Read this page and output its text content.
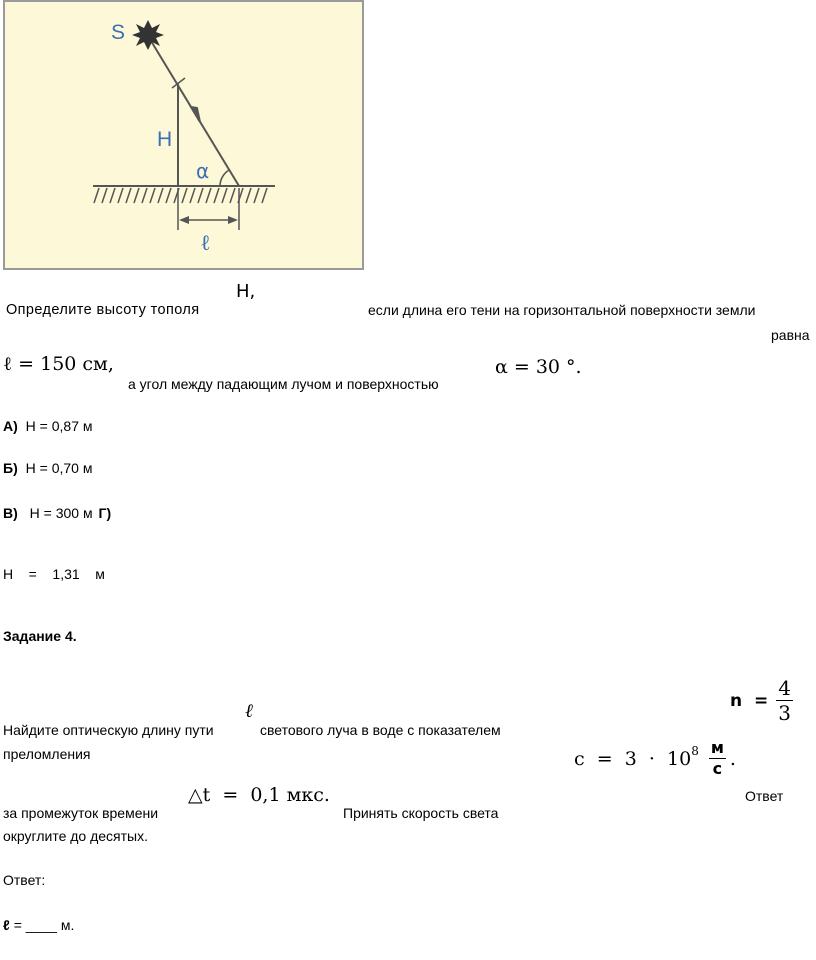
S
H
α
ℓ
Определите высоту тополя
H,
если длина его тени на горизонтальной поверхности земли
равна
ℓ = 150 см,
а угол между падающим лучом и поверхностью
α = 30 °.
А) H = 0,87 м
Б) H = 0,70 м
В) H = 300 м Г)
H    =    1,31    м
Задание 4.
ℓ
Найдите оптическую длину пути	светового луча в воде с показателем
преломления
$n = \frac{4}{3}$
$c = 3 \cdot 10^8 \frac{м}{с}$ .
Ответ
за промежуток времени
△t  =  0,1 мкс.
Принять скорость света
округлите до десятых.
Ответ:
ℓ = ____ м.
